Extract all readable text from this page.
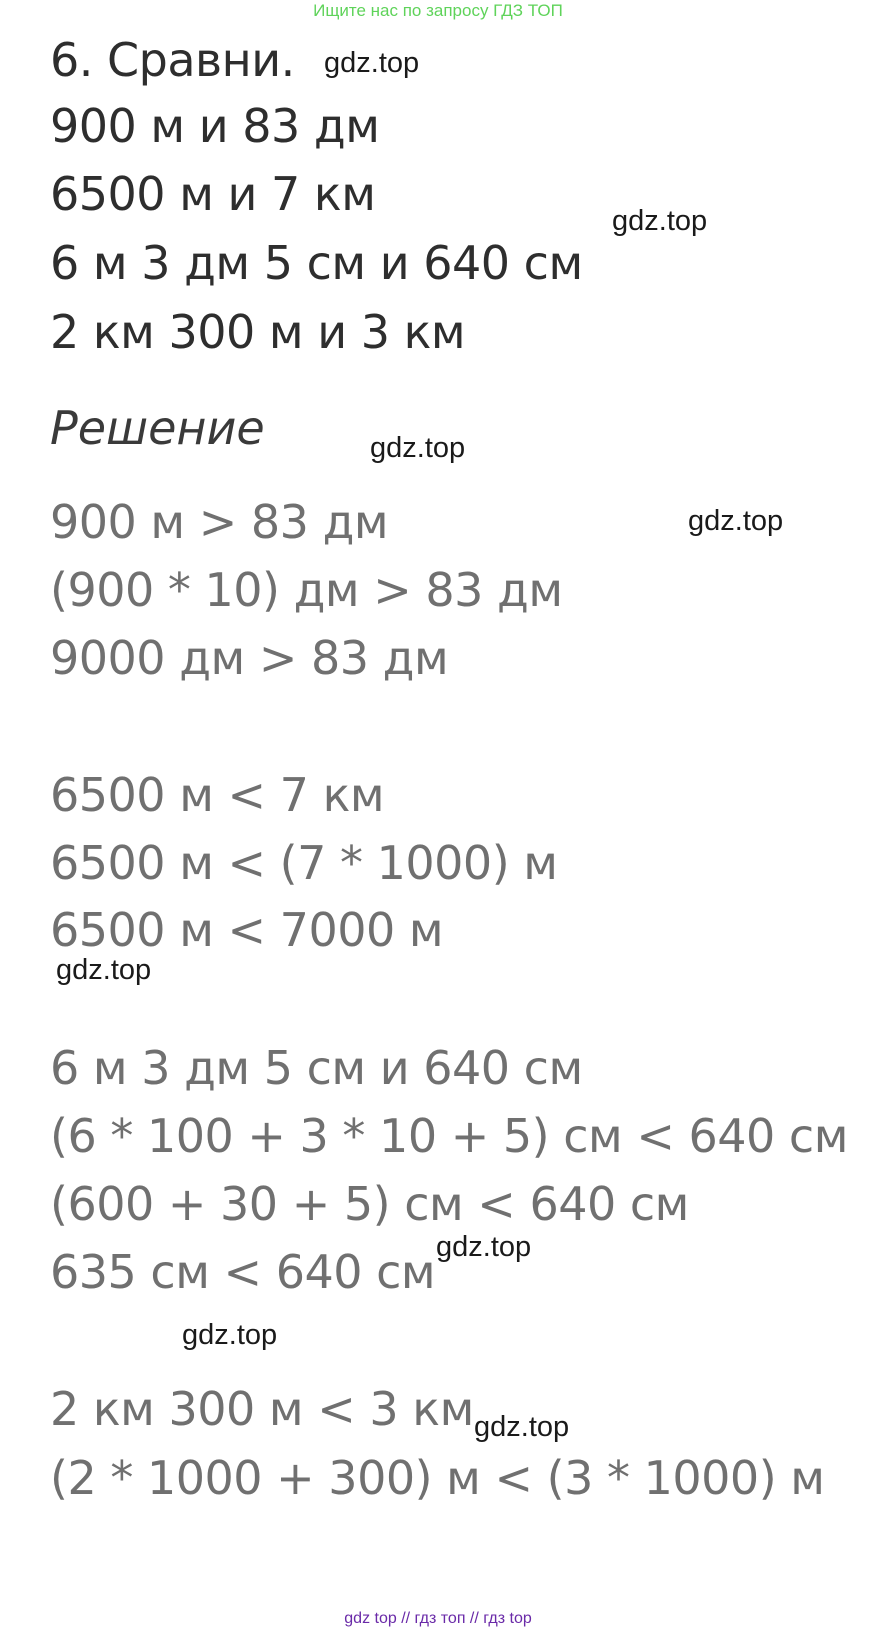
Ищите нас по запросу ГДЗ ТОП
6. Сравни.
900 м и 83 дм
6500 м и 7 км
6 м 3 дм 5 см и 640 см
2 км 300 м и 3 км
Решение
900 м > 83 дм
(900 * 10) дм > 83 дм
9000 дм > 83 дм
6500 м < 7 км
6500 м < (7 * 1000) м
6500 м < 7000 м
6 м 3 дм 5 см и 640 см
(6 * 100 + 3 * 10 + 5) см < 640 см
(600 + 30 + 5) см < 640 см
635 см < 640 см
2 км 300 м < 3 км
(2 * 1000 + 300) м < (3 * 1000) м
gdz.top
gdz.top
gdz.top
gdz.top
gdz.top
gdz.top
gdz.top
gdz.top
gdz top // гдз топ // гдз top
